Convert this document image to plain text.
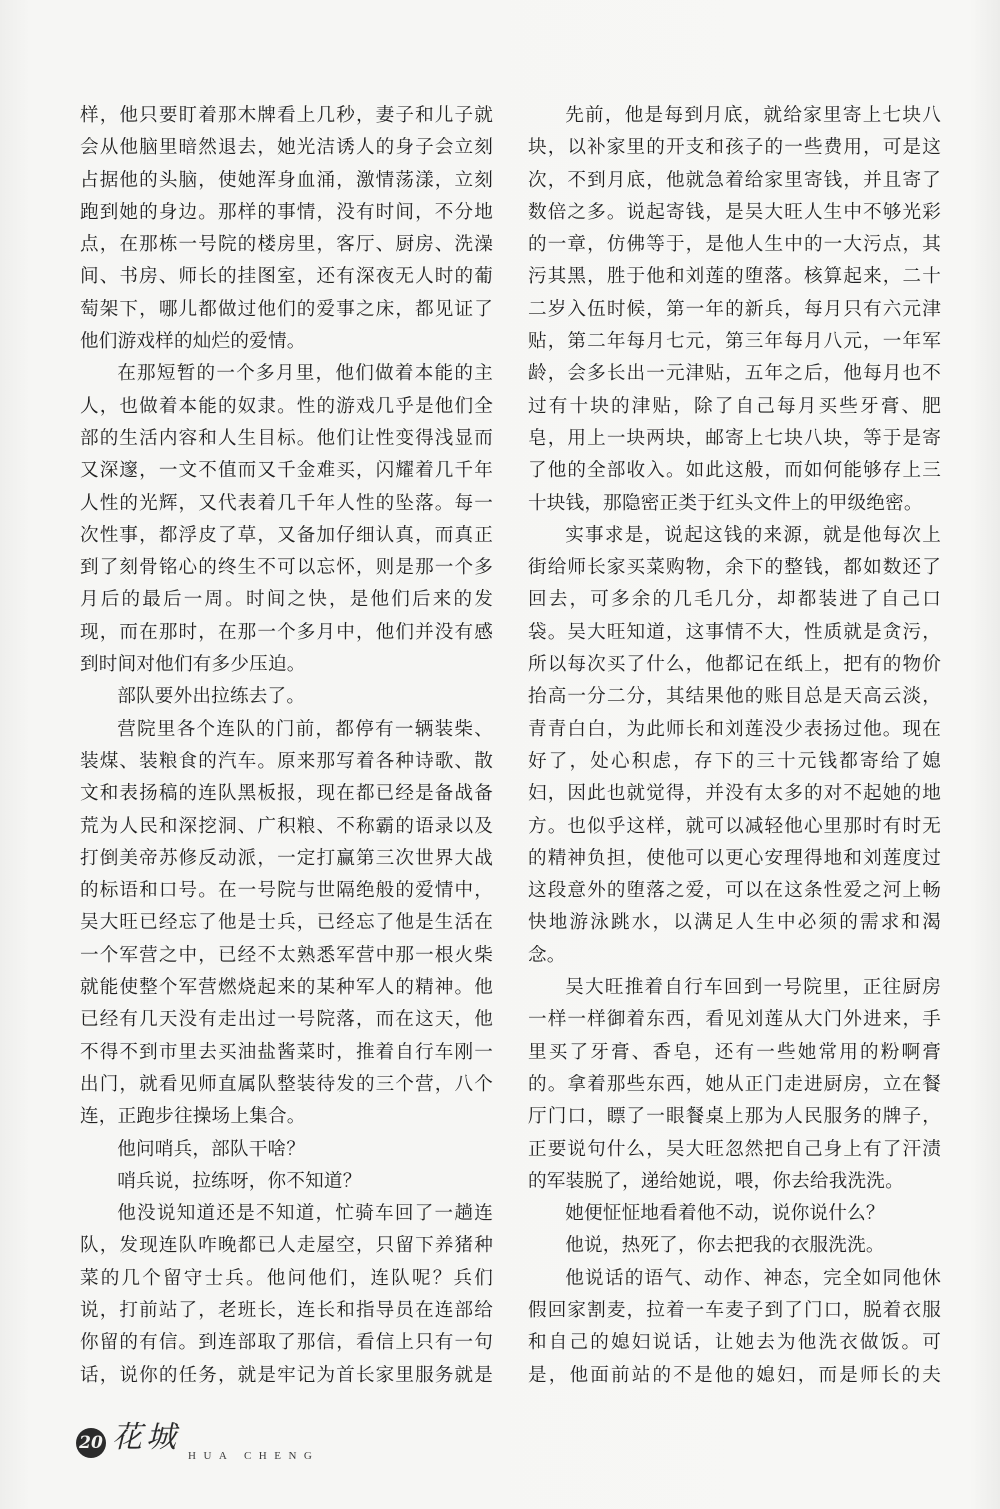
样，他只要盯着那木牌看上几秒，妻子和儿子就会从他脑里暗然退去，她光洁诱人的身子会立刻占据他的头脑，使她浑身血涌，激情荡漾，立刻跑到她的身边。那样的事情，没有时间，不分地点，在那栋一号院的楼房里，客厅、厨房、洗澡间、书房、师长的挂图室，还有深夜无人时的葡萄架下，哪儿都做过他们的爱事之床，都见证了他们游戏样的灿烂的爱情。

在那短暂的一个多月里，他们做着本能的主人，也做着本能的奴隶。性的游戏几乎是他们全部的生活内容和人生目标。他们让性变得浅显而又深邃，一文不值而又千金难买，闪耀着几千年人性的光辉，又代表着几千年人性的坠落。每一次性事，都浮皮了草，又备加仔细认真，而真正到了刻骨铭心的终生不可以忘怀，则是那一个多月后的最后一周。时间之快，是他们后来的发现，而在那时，在那一个多月中，他们并没有感到时间对他们有多少压迫。

部队要外出拉练去了。

营院里各个连队的门前，都停有一辆装柴、装煤、装粮食的汽车。原来那写着各种诗歌、散文和表扬稿的连队黑板报，现在都已经是备战备荒为人民和深挖洞、广积粮、不称霸的语录以及打倒美帝苏修反动派，一定打赢第三次世界大战的标语和口号。在一号院与世隔绝般的爱情中，吴大旺已经忘了他是士兵，已经忘了他是生活在一个军营之中，已经不太熟悉军营中那一根火柴就能使整个军营燃烧起来的某种军人的精神。他已经有几天没有走出过一号院落，而在这天，他不得不到市里去买油盐酱菜时，推着自行车刚一出门，就看见师直属队整装待发的三个营，八个连，正跑步往操场上集合。

他问哨兵，部队干啥？

哨兵说，拉练呀，你不知道？

他没说知道还是不知道，忙骑车回了一趟连队，发现连队咋晚都已人走屋空，只留下养猪种菜的几个留守士兵。他问他们，连队呢？兵们说，打前站了，老班长，连长和指导员在连部给你留的有信。到连部取了那信，看信上只有一句话，说你的任务，就是牢记为首长家里服务就是

先前，他是每到月底，就给家里寄上七块八块，以补家里的开支和孩子的一些费用，可是这次，不到月底，他就急着给家里寄钱，并且寄了数倍之多。说起寄钱，是吴大旺人生中不够光彩的一章，仿佛等于，是他人生中的一大污点，其污其黑，胜于他和刘莲的堕落。核算起来，二十二岁入伍时候，第一年的新兵，每月只有六元津贴，第二年每月七元，第三年每月八元，一年军龄，会多长出一元津贴，五年之后，他每月也不过有十块的津贴，除了自己每月买些牙膏、肥皂，用上一块两块，邮寄上七块八块，等于是寄了他的全部收入。如此这般，而如何能够存上三十块钱，那隐密正类于红头文件上的甲级绝密。

实事求是，说起这钱的来源，就是他每次上街给师长家买菜购物，余下的整钱，都如数还了回去，可多余的几毛几分，却都装进了自己口袋。吴大旺知道，这事情不大，性质就是贪污，所以每次买了什么，他都记在纸上，把有的物价抬高一分二分，其结果他的账目总是天高云淡，青青白白，为此师长和刘莲没少表扬过他。现在好了，处心积虑，存下的三十元钱都寄给了媳妇，因此也就觉得，并没有太多的对不起她的地方。也似乎这样，就可以减轻他心里那时有时无的精神负担，使他可以更心安理得地和刘莲度过这段意外的堕落之爱，可以在这条性爱之河上畅快地游泳跳水，以满足人生中必须的需求和渴念。

吴大旺推着自行车回到一号院里，正往厨房一样一样御着东西，看见刘莲从大门外进来，手里买了牙膏、香皂，还有一些她常用的粉啊膏的。拿着那些东西，她从正门走进厨房，立在餐厅门口，瞟了一眼餐桌上那为人民服务的牌子，正要说句什么，吴大旺忽然把自己身上有了汗渍的军装脱了，递给她说，喂，你去给我洗洗。

她便怔怔地看着他不动，说你说什么？

他说，热死了，你去把我的衣服洗洗。

他说话的语气、动作、神态，完全如同他休假回家割麦，拉着一车麦子到了门口，脱着衣服和自己的媳妇说话，让她去为他洗衣做饭。可是，他面前站的不是他的媳妇，而是师长的夫

20 花城
HUA CHENG
